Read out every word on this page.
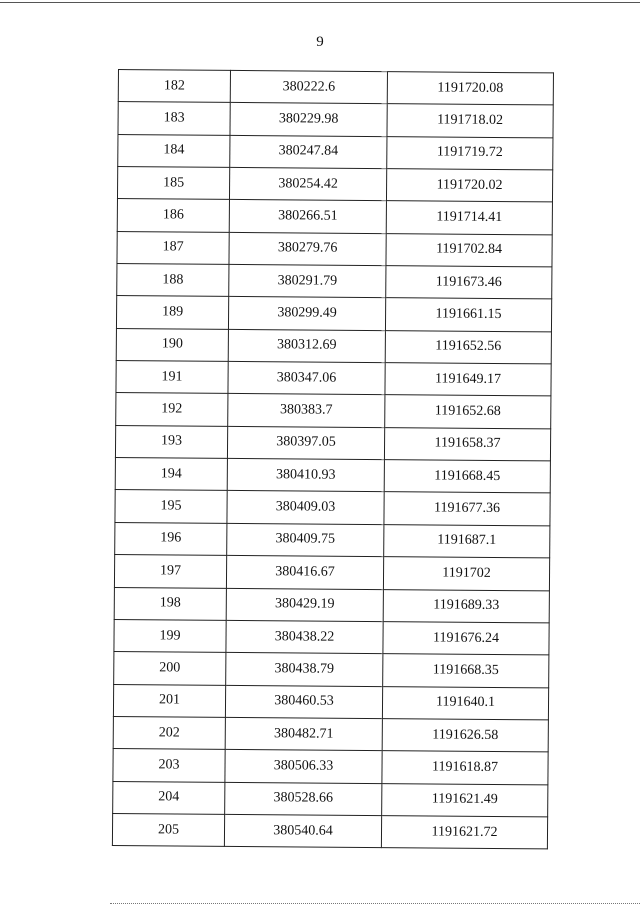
9
182	380222.6	1191720.08
183	380229.98	1191718.02
184	380247.84	1191719.72
185	380254.42	1191720.02
186	380266.51	1191714.41
187	380279.76	1191702.84
188	380291.79	1191673.46
189	380299.49	1191661.15
190	380312.69	1191652.56
191	380347.06	1191649.17
192	380383.7	1191652.68
193	380397.05	1191658.37
194	380410.93	1191668.45
195	380409.03	1191677.36
196	380409.75	1191687.1
197	380416.67	1191702
198	380429.19	1191689.33
199	380438.22	1191676.24
200	380438.79	1191668.35
201	380460.53	1191640.1
202	380482.71	1191626.58
203	380506.33	1191618.87
204	380528.66	1191621.49
205	380540.64	1191621.72
